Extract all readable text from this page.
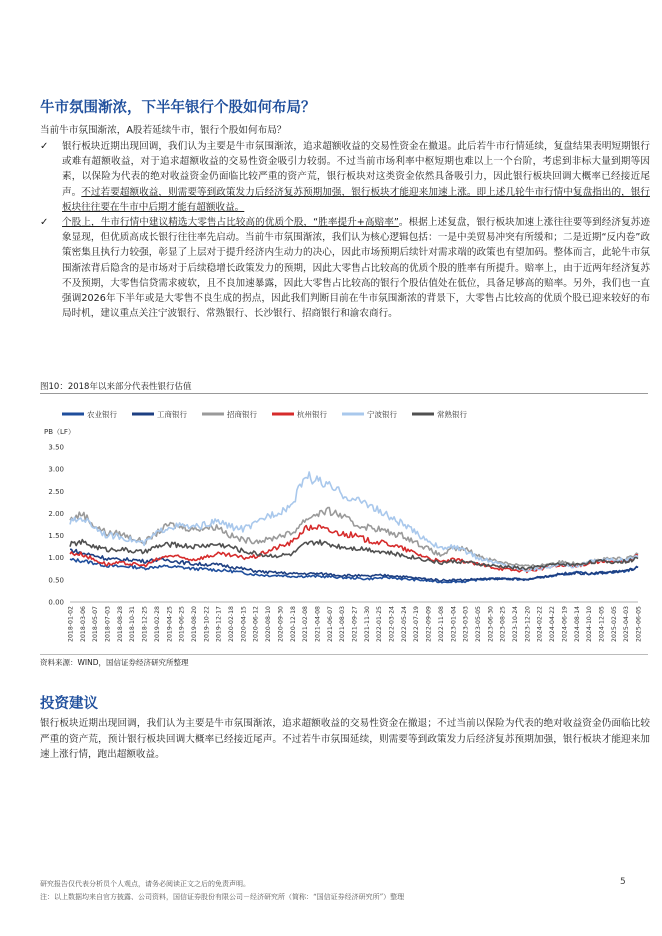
牛市氛围渐浓，下半年银行个股如何布局？
当前牛市氛围渐浓，A股若延续牛市，银行个股如何布局？
✓	银行板块近期出现回调，我们认为主要是牛市氛围渐浓，追求超额收益的交易性资金在撤退。此后若牛市行情延续，复盘结果表明短期银行或难有超额收益，对于追求超额收益的交易性资金吸引力较弱。不过当前市场利率中枢短期也难以上一个台阶，考虑到非标大量到期等因素，以保险为代表的绝对收益资金仍面临比较严重的资产荒，银行板块对这类资金依然具备吸引力，因此银行板块回调大概率已经接近尾声。不过若要超额收益，则需要等到政策发力后经济复苏预期加强，银行板块才能迎来加速上涨。即上述几轮牛市行情中复盘指出的，银行板块往往要在牛市中后期才能有超额收益。
✓	个股上，牛市行情中建议精选大零售占比较高的优质个股，“胜率提升+高赔率”。根据上述复盘，银行板块加速上涨往往要等到经济复苏迹象显现，但优质高成长银行往往率先启动。当前牛市氛围渐浓，我们认为核心逻辑包括：一是中美贸易冲突有所缓和；二是近期“反内卷”政策密集且执行力较强，彰显了上层对于提升经济内生动力的决心，因此市场预期后续针对需求端的政策也有望加码。整体而言，此轮牛市氛围渐浓背后隐含的是市场对于后续稳增长政策发力的预期，因此大零售占比较高的优质个股的胜率有所提升。赔率上，由于近两年经济复苏不及预期，大零售信贷需求疲软，且不良加速暴露，因此大零售占比较高的银行个股估值处在低位，具备足够高的赔率。另外，我们也一直强调2026年下半年或是大零售不良生成的拐点，因此我们判断目前在牛市氛围渐浓的背景下，大零售占比较高的优质个股已迎来较好的布局时机，建议重点关注宁波银行、常熟银行、长沙银行、招商银行和渝农商行。
图10：2018年以来部分代表性银行估值
农业银行	工商银行	招商银行	杭州银行	宁波银行	常熟银行
PB（LF）
0.00
0.50
1.00
1.50
2.00
2.50
3.00
3.50
2018-01-02 2018-03-06 2018-05-07 2018-07-03 2018-08-28 2018-10-31 2018-12-25 2019-02-28 2019-04-25 2019-06-25 2019-08-20 2019-10-22 2019-12-17 2020-02-18 2020-04-15 2020-06-12 2020-08-10 2020-09-30 2020-12-18 2021-02-08 2021-04-08 2021-06-07 2021-08-03 2021-09-27 2021-11-30 2022-01-25 2022-03-24 2022-05-24 2022-07-19 2022-09-09 2022-11-08 2023-01-04 2023-03-03 2023-05-05 2023-06-30 2023-08-25 2023-10-24 2023-12-20 2024-02-22 2024-04-22 2024-06-19 2024-08-14 2024-10-10 2024-12-05 2025-02-05 2025-04-03 2025-06-05
资料来源：WIND，国信证券经济研究所整理
投资建议
银行板块近期出现回调，我们认为主要是牛市氛围渐浓，追求超额收益的交易性资金在撤退；不过当前以保险为代表的绝对收益资金仍面临比较严重的资产荒，预计银行板块回调大概率已经接近尾声。不过若牛市氛围延续，则需要等到政策发力后经济复苏预期加强，银行板块才能迎来加速上涨行情，跑出超额收益。
研究报告仅代表分析员个人观点，请务必阅读正文之后的免责声明。
注：以上数据均来自官方披露、公司资料，国信证券股份有限公司－经济研究所（简称：“国信证券经济研究所”）整理
5
